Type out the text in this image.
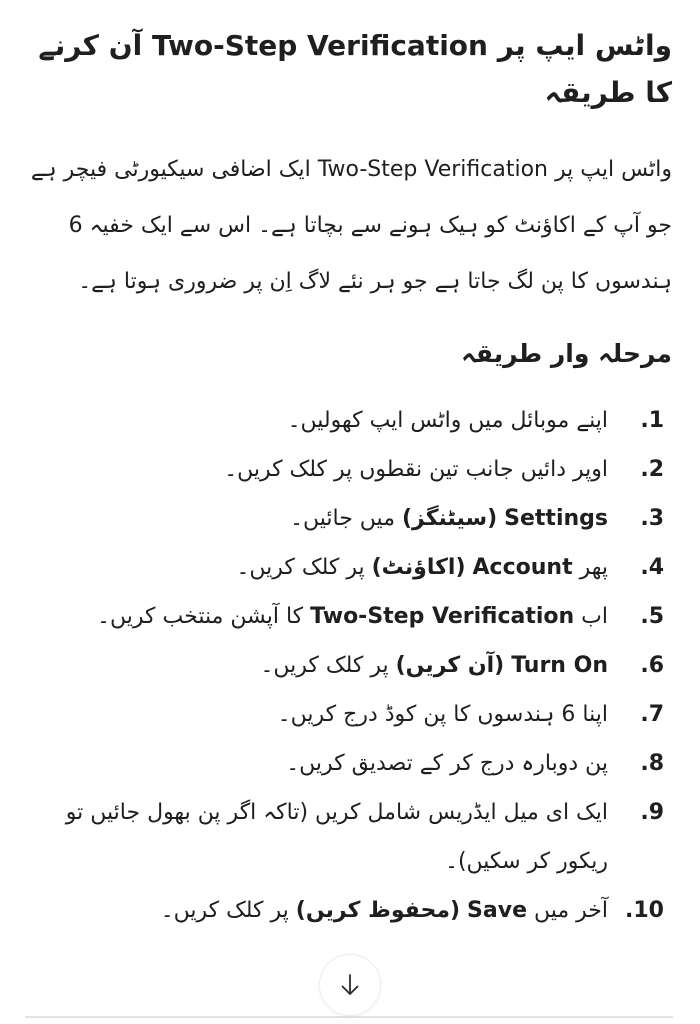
واٹس ایپ پر Two-Step Verification آن کرنے کا طریقہ

واٹس ایپ پر Two-Step Verification ایک اضافی سیکیورٹی فیچر ہے جو آپ کے اکاؤنٹ کو ہیک ہونے سے بچاتا ہے۔ اس سے ایک خفیہ 6 ہندسوں کا پن لگ جاتا ہے جو ہر نئے لاگ اِن پر ضروری ہوتا ہے۔

مرحلہ وار طریقہ
1.
اپنے موبائل میں واٹس ایپ کھولیں۔
2.
اوپر دائیں جانب تین نقطوں پر کلک کریں۔
3.
Settings (سیٹنگز) میں جائیں۔
4.
پھر Account (اکاؤنٹ) پر کلک کریں۔
5.
اب Two-Step Verification کا آپشن منتخب کریں۔
6.
Turn On (آن کریں) پر کلک کریں۔
7.
اپنا 6 ہندسوں کا پن کوڈ درج کریں۔
8.
پن دوبارہ درج کر کے تصدیق کریں۔
9.
ایک ای میل ایڈریس شامل کریں (تاکہ اگر پن بھول جائیں تو ریکور کر سکیں)۔
10.
آخر میں Save (محفوظ کریں) پر کلک کریں۔
